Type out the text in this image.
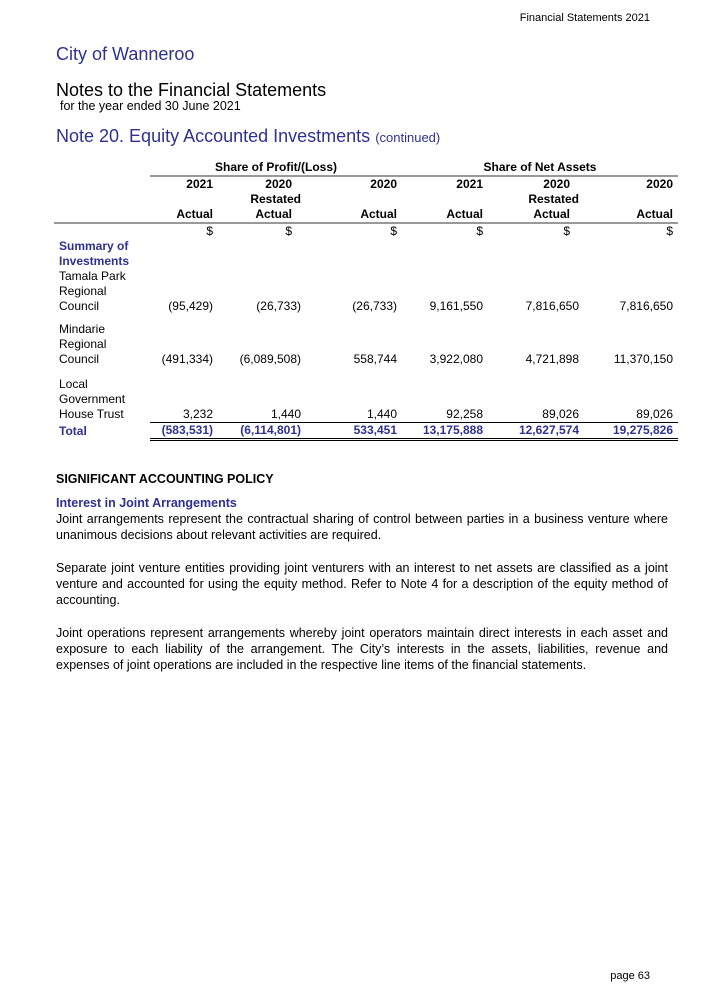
Financial Statements 2021
City of Wanneroo
Notes to the Financial Statements
for the year ended 30 June 2021
Note 20. Equity Accounted Investments (continued)
	Share of Profit/(Loss)			Share of Net Assets		
	2021	2020	2020	2021	2020	2020
		Restated			Restated	
	Actual	Actual	Actual	Actual	Actual	Actual
	$	$	$	$	$	$
Summary of
Investments						
Tamala Park
Regional
Council	(95,429)	(26,733)	(26,733)	9,161,550	7,816,650	7,816,650

Mindarie
Regional
Council	(491,334)	(6,089,508)	558,744	3,922,080	4,721,898	11,370,150

Local
Government
House Trust	3,232	1,440	1,440	92,258	89,026	89,026
Total	(583,531)	(6,114,801)	533,451	13,175,888	12,627,574	19,275,826
SIGNIFICANT ACCOUNTING POLICY
Interest in Joint Arrangements
Joint arrangements represent the contractual sharing of control between parties in a business venture where unanimous decisions about relevant activities are required.
Separate joint venture entities providing joint venturers with an interest to net assets are classified as a joint venture and accounted for using the equity method. Refer to Note 4 for a description of the equity method of accounting.
Joint operations represent arrangements whereby joint operators maintain direct interests in each asset and exposure to each liability of the arrangement. The City’s interests in the assets, liabilities, revenue and expenses of joint operations are included in the respective line items of the financial statements.
page 63
